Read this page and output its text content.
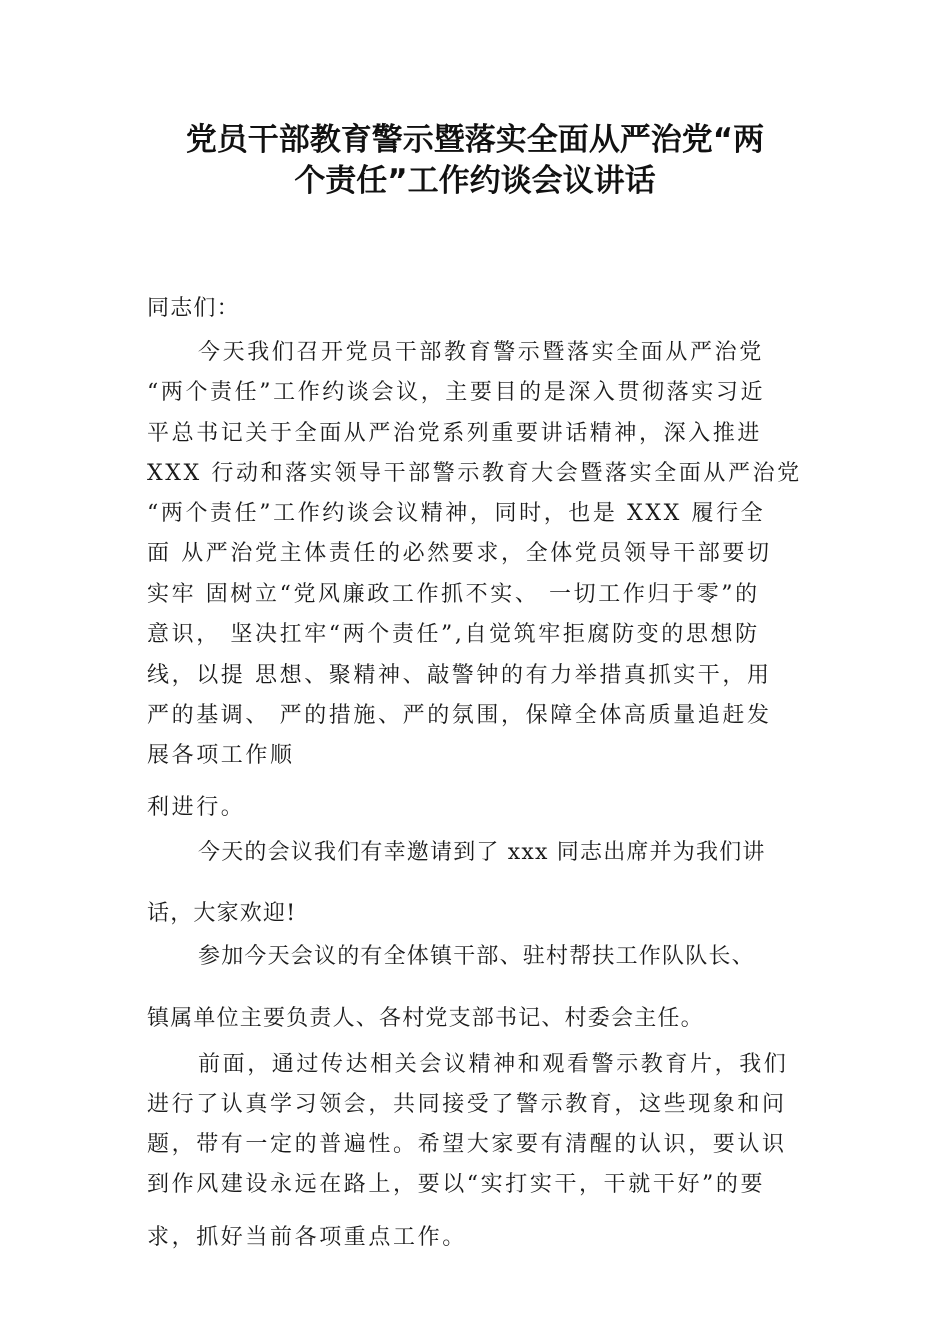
党员干部教育警示暨落实全面从严治党“两
个责任”工作约谈会议讲话

同志们：

今天我们召开党员干部教育警示暨落实全面从严治党

“两个责任”工作约谈会议，主要目的是深入贯彻落实习近

平总书记关于全面从严治党系列重要讲话精神，深入推进

XXX 行动和落实领导干部警示教育大会暨落实全面从严治党

“两个责任”工作约谈会议精神，同时，也是 XXX 履行全

面 从严治党主体责任的必然要求，全体党员领导干部要切

实牢 固树立“党风廉政工作抓不实、 一切工作归于零”的

意识， 坚决扛牢“两个责任”,自觉筑牢拒腐防变的思想防

线，以提 思想、聚精神、敲警钟的有力举措真抓实干，用

严的基调、 严的措施、严的氛围，保障全体高质量追赶发

展各项工作顺

利进行。

今天的会议我们有幸邀请到了 xxx 同志出席并为我们讲

话，大家欢迎!

参加今天会议的有全体镇干部、驻村帮扶工作队队长、

镇属单位主要负责人、各村党支部书记、村委会主任。

前面，通过传达相关会议精神和观看警示教育片，我们

进行了认真学习领会，共同接受了警示教育，这些现象和问

题，带有一定的普遍性。希望大家要有清醒的认识，要认识

到作风建设永远在路上，要以“实打实干，干就干好”的要

求，抓好当前各项重点工作。
